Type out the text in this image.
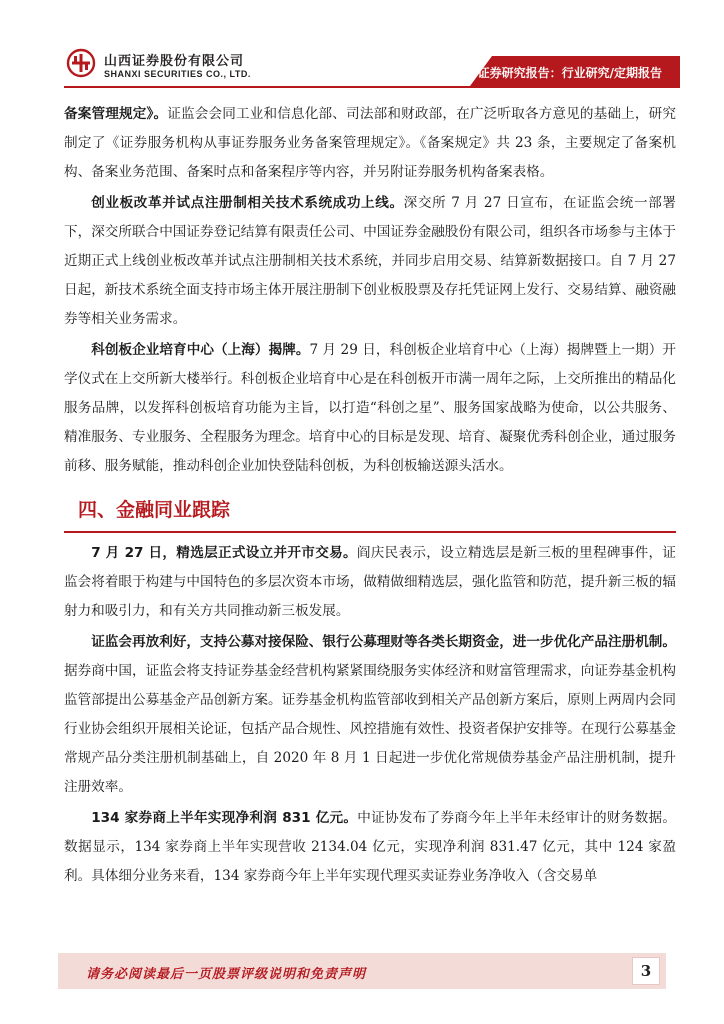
山西证券股份有限公司
SHANXI SECURITIES CO., LTD.	证券研究报告：行业研究/定期报告

备案管理规定》。证监会会同工业和信息化部、司法部和财政部，在广泛听取各方意见的基础上，研究制定了《证券服务机构从事证券服务业务备案管理规定》。《备案规定》共 23 条，主要规定了备案机构、备案业务范围、备案时点和备案程序等内容，并另附证券服务机构备案表格。

创业板改革并试点注册制相关技术系统成功上线。深交所 7 月 27 日宣布，在证监会统一部署下，深交所联合中国证券登记结算有限责任公司、中国证券金融股份有限公司，组织各市场参与主体于近期正式上线创业板改革并试点注册制相关技术系统，并同步启用交易、结算新数据接口。自 7 月 27 日起，新技术系统全面支持市场主体开展注册制下创业板股票及存托凭证网上发行、交易结算、融资融券等相关业务需求。

科创板企业培育中心（上海）揭牌。7 月 29 日，科创板企业培育中心（上海）揭牌暨上一期）开学仪式在上交所新大楼举行。科创板企业培育中心是在科创板开市满一周年之际，上交所推出的精品化服务品牌，以发挥科创板培育功能为主旨，以打造“科创之星”、服务国家战略为使命，以公共服务、精准服务、专业服务、全程服务为理念。培育中心的目标是发现、培育、凝聚优秀科创企业，通过服务前移、服务赋能，推动科创企业加快登陆科创板，为科创板输送源头活水。

四、金融同业跟踪

7 月 27 日，精选层正式设立并开市交易。阎庆民表示，设立精选层是新三板的里程碑事件，证监会将着眼于构建与中国特色的多层次资本市场，做精做细精选层，强化监管和防范，提升新三板的辐射力和吸引力，和有关方共同推动新三板发展。

证监会再放利好，支持公募对接保险、银行公募理财等各类长期资金，进一步优化产品注册机制。据券商中国，证监会将支持证券基金经营机构紧紧围绕服务实体经济和财富管理需求，向证券基金机构监管部提出公募基金产品创新方案。证券基金机构监管部收到相关产品创新方案后，原则上两周内会同行业协会组织开展相关论证，包括产品合规性、风控措施有效性、投资者保护安排等。在现行公募基金常规产品分类注册机制基础上，自 2020 年 8 月 1 日起进一步优化常规债券基金产品注册机制，提升注册效率。

134 家券商上半年实现净利润 831 亿元。中证协发布了券商今年上半年未经审计的财务数据。数据显示，134 家券商上半年实现营收 2134.04 亿元，实现净利润 831.47 亿元，其中 124 家盈利。具体细分业务来看，134 家券商今年上半年实现代理买卖证券业务净收入（含交易单

请务必阅读最后一页股票评级说明和免责声明	3
